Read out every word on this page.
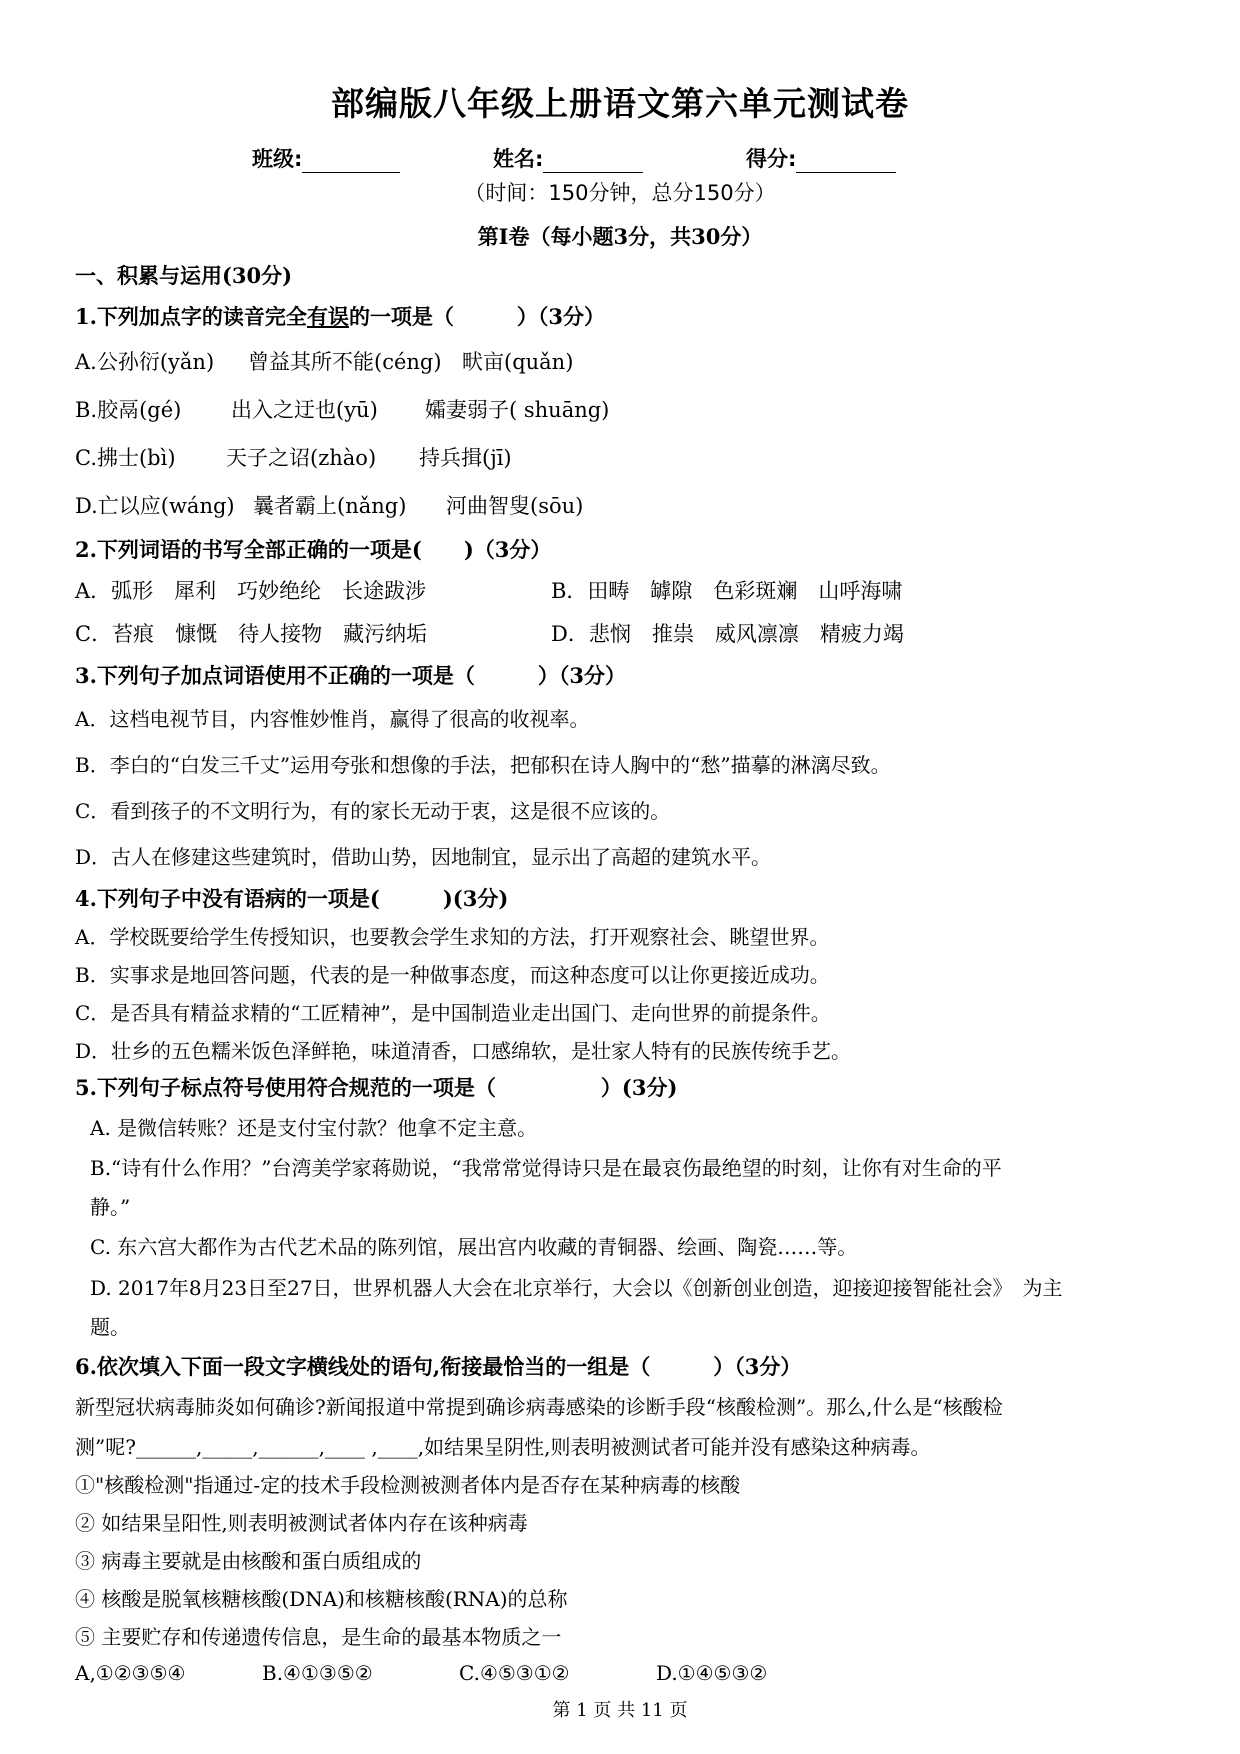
部编版八年级上册语文第六单元测试卷
班级:	姓名:	得分:
（时间：150分钟，总分150分）
第Ⅰ卷（每小题3分，共30分）
一、积累与运用(30分)
1.下列加点字的读音完全有误的一项是（　　　）（3分）
A.公孙衍(yǎn) 曾益其所不能(céng) 畎亩(quǎn)
B.胶鬲(gé) 出入之迂也(yū) 孀妻弱子( shuāng)
C.拂士(bì) 天子之诏(zhào) 持兵揖(jī)
D.亡以应(wáng) 曩者霸上(nǎng) 河曲智叟(sōu)
2.下列词语的书写全部正确的一项是(　　)（3分）
A．弧形　犀利　巧妙绝纶　长途跋涉	B．田畴　罅隙　色彩斑斓　山呼海啸
C．苔痕　慷慨　待人接物　藏污纳垢	D．悲悯　推祟　威风凛凛　精疲力竭
3.下列句子加点词语使用不正确的一项是（　　　）（3分）
A．这档电视节目，内容惟妙惟肖，赢得了很高的收视率。
B．李白的“白发三千丈”运用夸张和想像的手法，把郁积在诗人胸中的“愁”描摹的淋漓尽致。
C．看到孩子的不文明行为，有的家长无动于衷，这是很不应该的。
D．古人在修建这些建筑时，借助山势，因地制宜，显示出了高超的建筑水平。
4.下列句子中没有语病的一项是(　　　)(3分)
A．学校既要给学生传授知识，也要教会学生求知的方法，打开观察社会、眺望世界。
B．实事求是地回答问题，代表的是一种做事态度，而这种态度可以让你更接近成功。
C．是否具有精益求精的“工匠精神”，是中国制造业走出国门、走向世界的前提条件。
D．壮乡的五色糯米饭色泽鲜艳，味道清香，口感绵软，是壮家人特有的民族传统手艺。
5.下列句子标点符号使用符合规范的一项是（　　　　　）(3分)
A. 是微信转账？还是支付宝付款？他拿不定主意。
B.“诗有什么作用？”台湾美学家蒋勋说，“我常常觉得诗只是在最哀伤最绝望的时刻，让你有对生命的平
静。”
C. 东六宫大都作为古代艺术品的陈列馆，展出宫内收藏的青铜器、绘画、陶瓷……等。
D. 2017年8月23日至27日，世界机器人大会在北京举行，大会以《创新创业创造，迎接迎接智能社会》　为主
题。
6.依次填入下面一段文字横线处的语句,衔接最恰当的一组是（　　　）（3分）
新型冠状病毒肺炎如何确诊?新闻报道中常提到确诊病毒感染的诊断手段“核酸检测”。那么,什么是“核酸检
测”呢?______,_____,______,____ ,____,如结果呈阴性,则表明被测试者可能并没有感染这种病毒。
①"核酸检测"指通过-定的技术手段检测被测者体内是否存在某种病毒的核酸
② 如结果呈阳性,则表明被测试者体内存在该种病毒
③ 病毒主要就是由核酸和蛋白质组成的
④ 核酸是脱氧核糖核酸(DNA)和核糖核酸(RNA)的总称
⑤ 主要贮存和传递遗传信息，是生命的最基本物质之一
A,①②③⑤④	B.④①③⑤②	C.④⑤③①②	D.①④⑤③②
第 1 页 共 11 页
